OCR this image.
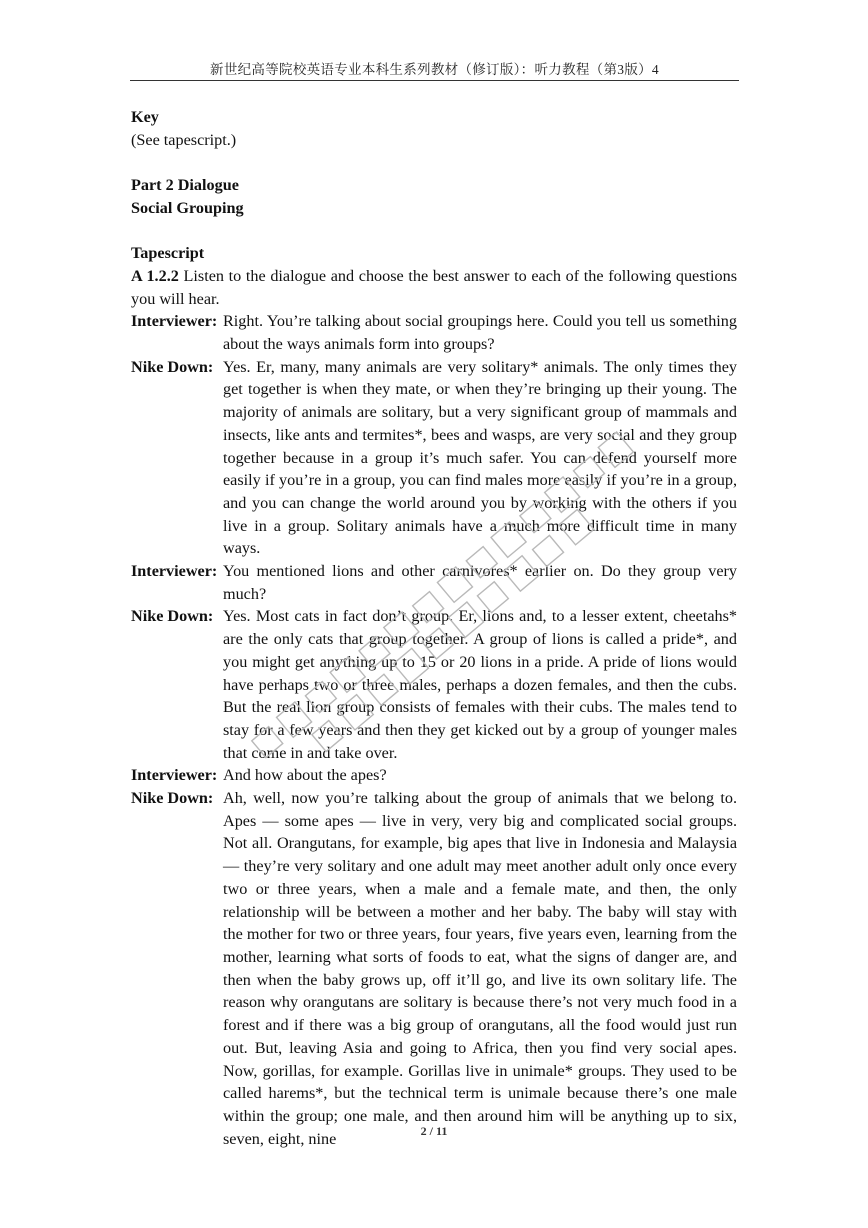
新世纪高等院校英语专业本科生系列教材（修订版）：听力教程（第3版）4
Key
(See tapescript.)
Part 2 Dialogue
Social Grouping
Tapescript

A 1.2.2 Listen to the dialogue and choose the best answer to each of the following questions you will hear.

Interviewer: Right. You’re talking about social groupings here. Could you tell us something about the ways animals form into groups?
Nike Down: Yes. Er, many, many animals are very solitary* animals. The only times they get together is when they mate, or when they’re bringing up their young. The majority of animals are solitary, but a very significant group of mammals and insects, like ants and termites*, bees and wasps, are very social and they group together because in a group it’s much safer. You can defend yourself more easily if you’re in a group, you can find males more easily if you’re in a group, and you can change the world around you by working with the others if you live in a group. Solitary animals have a much more difficult time in many ways.
Interviewer: You mentioned lions and other carnivores* earlier on. Do they group very much?
Nike Down: Yes. Most cats in fact don’t group. Er, lions and, to a lesser extent, cheetahs* are the only cats that group together. A group of lions is called a pride*, and you might get anything up to 15 or 20 lions in a pride. A pride of lions would have perhaps two or three males, perhaps a dozen females, and then the cubs. But the real lion group consists of females with their cubs. The males tend to stay for a few years and then they get kicked out by a group of younger males that come in and take over.
Interviewer: And how about the apes?
Nike Down: Ah, well, now you’re talking about the group of animals that we belong to. Apes — some apes — live in very, very big and complicated social groups. Not all. Orangutans, for example, big apes that live in Indonesia and Malaysia — they’re very solitary and one adult may meet another adult only once every two or three years, when a male and a female mate, and then, the only relationship will be between a mother and her baby. The baby will stay with the mother for two or three years, four years, five years even, learning from the mother, learning what sorts of foods to eat, what the signs of danger are, and then when the baby grows up, off it’ll go, and live its own solitary life. The reason why orangutans are solitary is because there’s not very much food in a forest and if there was a big group of orangutans, all the food would just run out. But, leaving Asia and going to Africa, then you find very social apes. Now, gorillas, for example. Gorillas live in unimale* groups. They used to be called harems*, but the technical term is unimale because there’s one male within the group; one male, and then around him will be anything up to six, seven, eight, nine	2 / 11
